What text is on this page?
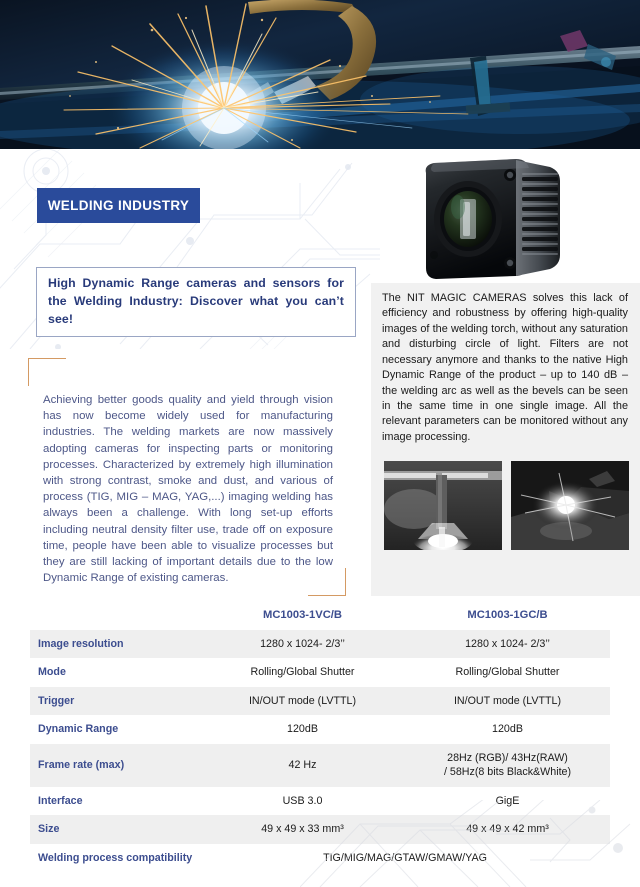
WELDING INDUSTRY

High Dynamic Range cameras and sensors for
the Welding Industry: Discover what you can’t see!

Achieving better goods quality and yield through vision has now become widely used for manufacturing industries. The welding markets are now massively adopting cameras for inspecting parts or monitoring processes. Characterized by extremely high illumination with strong contrast, smoke and dust, and various of process (TIG, MIG – MAG, YAG,...) imaging welding has always been a challenge. With long set-up efforts including neutral density filter use, trade off on exposure time, people have been able to visualize processes but they are still lacking of important details due to the low Dynamic Range of existing cameras.

The NIT MAGIC CAMERAS solves this lack of efficiency and robustness by offering high-quality images of the welding torch, without any saturation and disturbing circle of light. Filters are not necessary anymore and thanks to the native High Dynamic Range of the product – up to 140 dB – the welding arc as well as the bevels can be seen in the same time in one single image. All the relevant parameters can be monitored without any image processing.

	MC1003-1VC/B	MC1003-1GC/B
Image resolution	1280 x 1024- 2/3’’	1280 x 1024- 2/3’’
Mode	Rolling/Global Shutter	Rolling/Global Shutter
Trigger	IN/OUT mode (LVTTL)	IN/OUT mode (LVTTL)
Dynamic Range	120dB	120dB
Frame rate (max)	42 Hz	28Hz (RGB)/ 43Hz(RAW)
/ 58Hz(8 bits Black&White)
Interface	USB 3.0	GigE
Size	49 x 49 x 33 mm³	49 x 49 x 42 mm³
Welding process compatibility	TIG/MIG/MAG/GTAW/GMAW/YAG	
